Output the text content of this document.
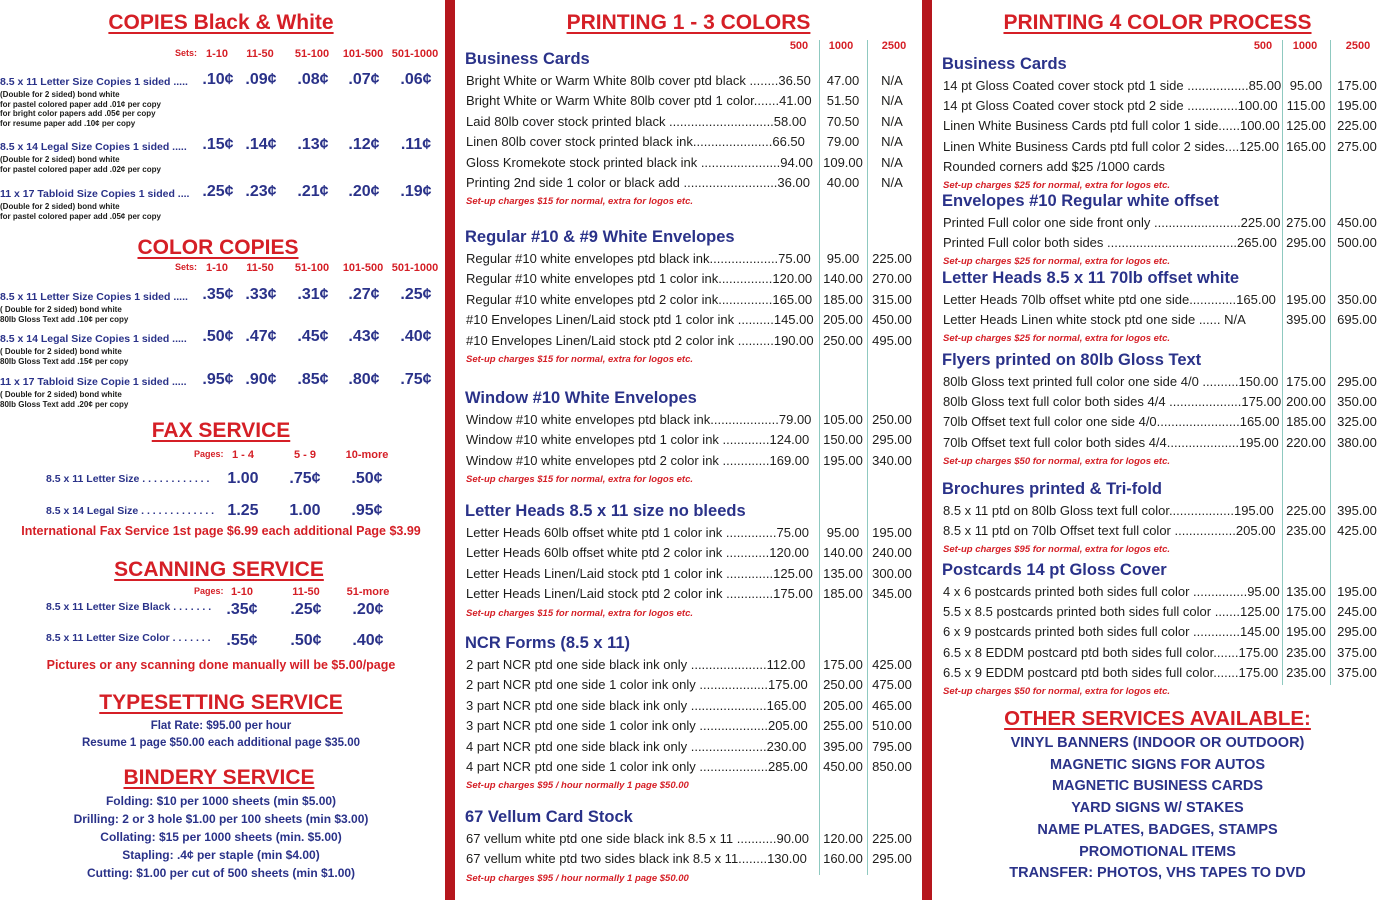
COPIES Black & White
Sets:
COLOR COPIES
Sets:
FAX SERVICE
Pages:
International Fax Service 1st page $6.99 each additional Page $3.99
SCANNING SERVICE
Pages:
Pictures or any scanning done manually will be $5.00/page
TYPESETTING SERVICE
Flat Rate: $95.00 per hour
Resume 1 page $50.00 each additional page $35.00
BINDERY SERVICE
1-10	11-50	51-100	101-500 501-1000
1-10	11-50	51-100	101-500 501-1000
8.5 x 11 Letter Size Copies 1 sided .....
(Double for 2 sided) bond white
for pastel colored paper add .01¢ per copy
for bright color papers add .05¢ per copy
for resume paper add .10¢ per copy
.10¢ .09¢	.08¢	.07¢	.06¢
8.5 x 14 Legal Size Copies 1 sided .....
(Double for 2 sided) bond white
for pastel colored paper add .02¢ per copy
.15¢ .14¢	.13¢	.12¢	.11¢
11 x 17 Tabloid Size Copies 1 sided ....
(Double for 2 sided) bond white
for pastel colored paper add .05¢ per copy
.25¢ .23¢	.21¢	.20¢	.19¢
8.5 x 11 Letter Size Copies 1 sided .....
( Double for 2 sided) bond white
80lb Gloss Text add .10¢ per copy
.35¢ .33¢	.31¢	.27¢	.25¢
8.5 x 14 Legal Size Copies 1 sided .....
( Double for 2 sided) bond white
80lb Gloss Text add .15¢ per copy
.50¢ .47¢	.45¢	.43¢	.40¢
11 x 17 Tabloid Size Copie 1 sided .....
( Double for 2 sided) bond white
80lb Gloss Text add .20¢ per copy
.95¢ .90¢	.85¢	.80¢	.75¢
1 - 4	5 - 9	10-more
8.5 x 11 Letter Size . . . . . . . . . . . .	1.00	.75¢	.50¢
8.5 x 14 Legal Size . . . . . . . . . . . . . 1.25	1.00	.95¢
1-10	11-50	51-more
8.5 x 11 Letter Size Black . . . . . . . .35¢	.25¢	.20¢
8.5 x 11 Letter Size Color . . . . . . . .55¢	.50¢	.40¢
Folding: $10 per 1000 sheets (min $5.00)
Drilling: 2 or 3 hole $1.00 per 100 sheets (min $3.00)
Collating: $15 per 1000 sheets (min. $5.00)
Stapling: .4¢ per staple (min $4.00)
Cutting: $1.00 per cut of 500 sheets (min $1.00)
PRINTING 1 - 3 COLORS
500	1000	2500
Business Cards
Bright White or Warm White 80lb cover ptd black ........36.50	47.00	N/A
Bright White or Warm White 80lb cover ptd 1 color.......41.00	51.50	N/A
Laid 80lb cover stock printed black .............................58.00	70.50	N/A
Linen 80lb cover stock printed black ink......................66.50	79.00	N/A
Gloss Kromekote stock printed black ink ......................94.00 109.00	N/A
Printing 2nd side 1 color or black add ..........................36.00	40.00	N/A
Set-up charges $15 for normal, extra for logos etc.
Regular #10 & #9 White Envelopes
Regular #10 white envelopes ptd black ink...................75.00	95.00 225.00
Regular #10 white envelopes ptd 1 color ink...............120.00 140.00 270.00
Regular #10 white envelopes ptd 2 color ink...............165.00 185.00 315.00
#10 Envelopes Linen/Laid stock ptd 1 color ink ..........145.00 205.00 450.00
#10 Envelopes Linen/Laid stock ptd 2 color ink ..........190.00 250.00 495.00
Set-up charges $15 for normal, extra for logos etc.
Window #10 White Envelopes
Window #10 white envelopes ptd black ink...................79.00 105.00 250.00
Window #10 white envelopes ptd 1 color ink .............124.00	150.00 295.00
Window #10 white envelopes ptd 2 color ink .............169.00	195.00 340.00
Set-up charges $15 for normal, extra for logos etc.
Letter Heads 8.5 x 11 size no bleeds
Letter Heads 60lb offset white ptd 1 color ink ..............75.00	95.00 195.00
Letter Heads 60lb offset white ptd 2 color ink ............120.00	140.00 240.00
Letter Heads Linen/Laid stock ptd 1 color ink .............125.00 135.00 300.00
Letter Heads Linen/Laid stock ptd 2 color ink .............175.00 185.00 345.00
Set-up charges $15 for normal, extra for logos etc.
NCR Forms (8.5 x 11)
2 part NCR ptd one side black ink only .....................112.00	175.00 425.00
2 part NCR ptd one side 1 color ink only ...................175.00	250.00 475.00
3 part NCR ptd one side black ink only .....................165.00	205.00 465.00
3 part NCR ptd one side 1 color ink only ...................205.00	255.00 510.00
4 part NCR ptd one side black ink only .....................230.00	395.00 795.00
4 part NCR ptd one side 1 color ink only ...................285.00	450.00 850.00
Set-up charges $95 / hour normally 1 page $50.00
67 Vellum Card Stock
67 vellum white ptd one side black ink 8.5 x 11 ...........90.00	120.00 225.00
67 vellum white ptd two sides black ink 8.5 x 11........130.00	160.00 295.00
Set-up charges $95 / hour normally 1 page $50.00
PRINTING 4 COLOR PROCESS
OTHER SERVICES AVAILABLE:
500	1000	2500
Business Cards
14 pt Gloss Coated cover stock ptd 1 side .................85.00 95.00	175.00
14 pt Gloss Coated cover stock ptd 2 side ..............100.00 115.00 195.00
Linen White Business Cards ptd full color 1 side......100.00 125.00 225.00
Linen White Business Cards ptd full color 2 sides....125.00 165.00 275.00
Rounded corners add $25 /1000 cards
Set-up charges $25 for normal, extra for logos etc.
Envelopes #10 Regular white offset
Printed Full color one side front only ........................225.00 275.00 450.00
Printed Full color both sides ....................................265.00 295.00 500.00
Set-up charges $25 for normal, extra for logos etc.
Letter Heads 8.5 x 11 70lb offset white
Letter Heads 70lb offset white ptd one side.............165.00 195.00 350.00
Letter Heads Linen white stock ptd one side ...... N/A	395.00 695.00
Set-up charges $25 for normal, extra for logos etc.
Flyers printed on 80lb Gloss Text
80lb Gloss text printed full color one side 4/0 ..........150.00 175.00 295.00
80lb Gloss text full color both sides 4/4 ....................175.00 200.00 350.00
70lb Offset text full color one side 4/0.......................165.00 185.00 325.00
70lb Offset text full color both sides 4/4....................195.00 220.00 380.00
Set-up charges $50 for normal, extra for logos etc.
Brochures printed & Tri-fold
8.5 x 11 ptd on 80lb Gloss text full color..................195.00 225.00 395.00
8.5 x 11 ptd on 70lb Offset text full color .................205.00 235.00 425.00
Set-up charges $95 for normal, extra for logos etc.
Postcards 14 pt Gloss Cover
4 x 6 postcards printed both sides full color ...............95.00 135.00 195.00
5.5 x 8.5 postcards printed both sides full color .......125.00 175.00 245.00
6 x 9 postcards printed both sides full color .............145.00 195.00 295.00
6.5 x 8 EDDM postcard ptd both sides full color.......175.00 235.00 375.00
6.5 x 9 EDDM postcard ptd both sides full color.......175.00 235.00 375.00
Set-up charges $50 for normal, extra for logos etc.
VINYL BANNERS (INDOOR OR OUTDOOR)
MAGNETIC SIGNS FOR AUTOS
MAGNETIC BUSINESS CARDS
YARD SIGNS W/ STAKES
NAME PLATES, BADGES, STAMPS
PROMOTIONAL ITEMS
TRANSFER: PHOTOS, VHS TAPES TO DVD
